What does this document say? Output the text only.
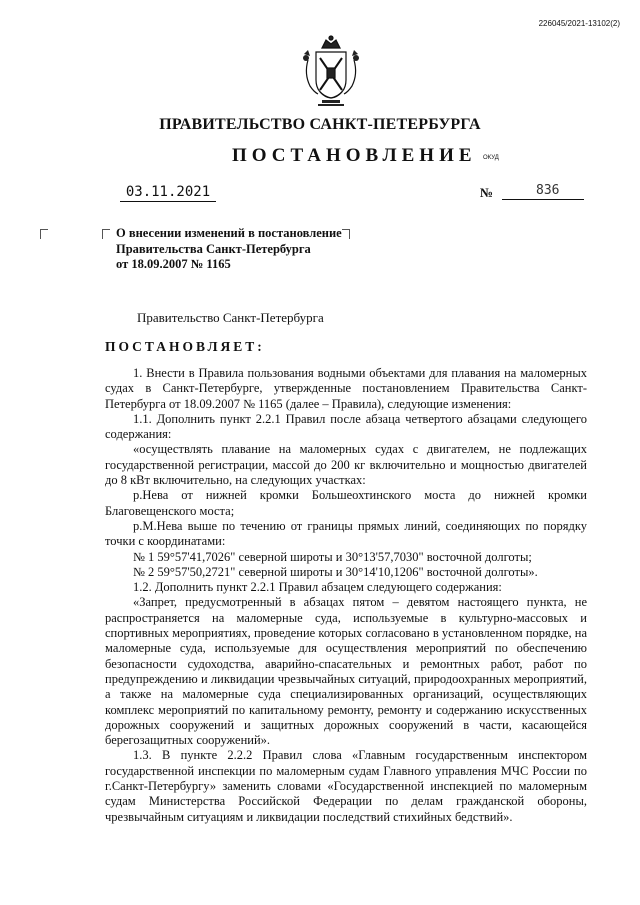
226045/2021-13102(2)
ПРАВИТЕЛЬСТВО САНКТ-ПЕТЕРБУРГА
ПОСТАНОВЛЕНИЕ ОКУД
03.11.2021	№	836
О внесении изменений в постановление
Правительства Санкт-Петербурга
от 18.09.2007 № 1165
Правительство Санкт-Петербурга
ПОСТАНОВЛЯЕТ:

1. Внести в Правила пользования водными объектами для плавания на маломерных судах в Санкт-Петербурге, утвержденные постановлением Правительства Санкт-Петербурга от 18.09.2007 № 1165 (далее – Правила), следующие изменения:

1.1. Дополнить пункт 2.2.1 Правил после абзаца четвертого абзацами следующего содержания:

«осуществлять плавание на маломерных судах с двигателем, не подлежащих государственной регистрации, массой до 200 кг включительно и мощностью двигателей до 8 кВт включительно, на следующих участках:

р.Нева от нижней кромки Большеохтинского моста до нижней кромки Благовещенского моста;

р.М.Нева выше по течению от границы прямых линий, соединяющих по порядку точки с координатами:

№ 1 59°57'41,7026" северной широты и 30°13'57,7030" восточной долготы;

№ 2 59°57'50,2721" северной широты и 30°14'10,1206" восточной долготы».

1.2. Дополнить пункт 2.2.1 Правил абзацем следующего содержания:

«Запрет, предусмотренный в абзацах пятом – девятом настоящего пункта, не распространяется на маломерные суда, используемые в культурно-массовых и спортивных мероприятиях, проведение которых согласовано в установленном порядке, на маломерные суда, используемые для осуществления мероприятий по обеспечению безопасности судоходства, аварийно-спасательных и ремонтных работ, работ по предупреждению и ликвидации чрезвычайных ситуаций, природоохранных мероприятий, а также на маломерные суда специализированных организаций, осуществляющих комплекс мероприятий по капитальному ремонту, ремонту и содержанию искусственных дорожных сооружений и защитных дорожных сооружений в части, касающейся берегозащитных сооружений».

1.3. В пункте 2.2.2 Правил слова «Главным государственным инспектором государственной инспекции по маломерным судам Главного управления МЧС России по г.Санкт-Петербургу» заменить словами «Государственной инспекцией по маломерным судам Министерства Российской Федерации по делам гражданской обороны, чрезвычайным ситуациям и ликвидации последствий стихийных бедствий».
